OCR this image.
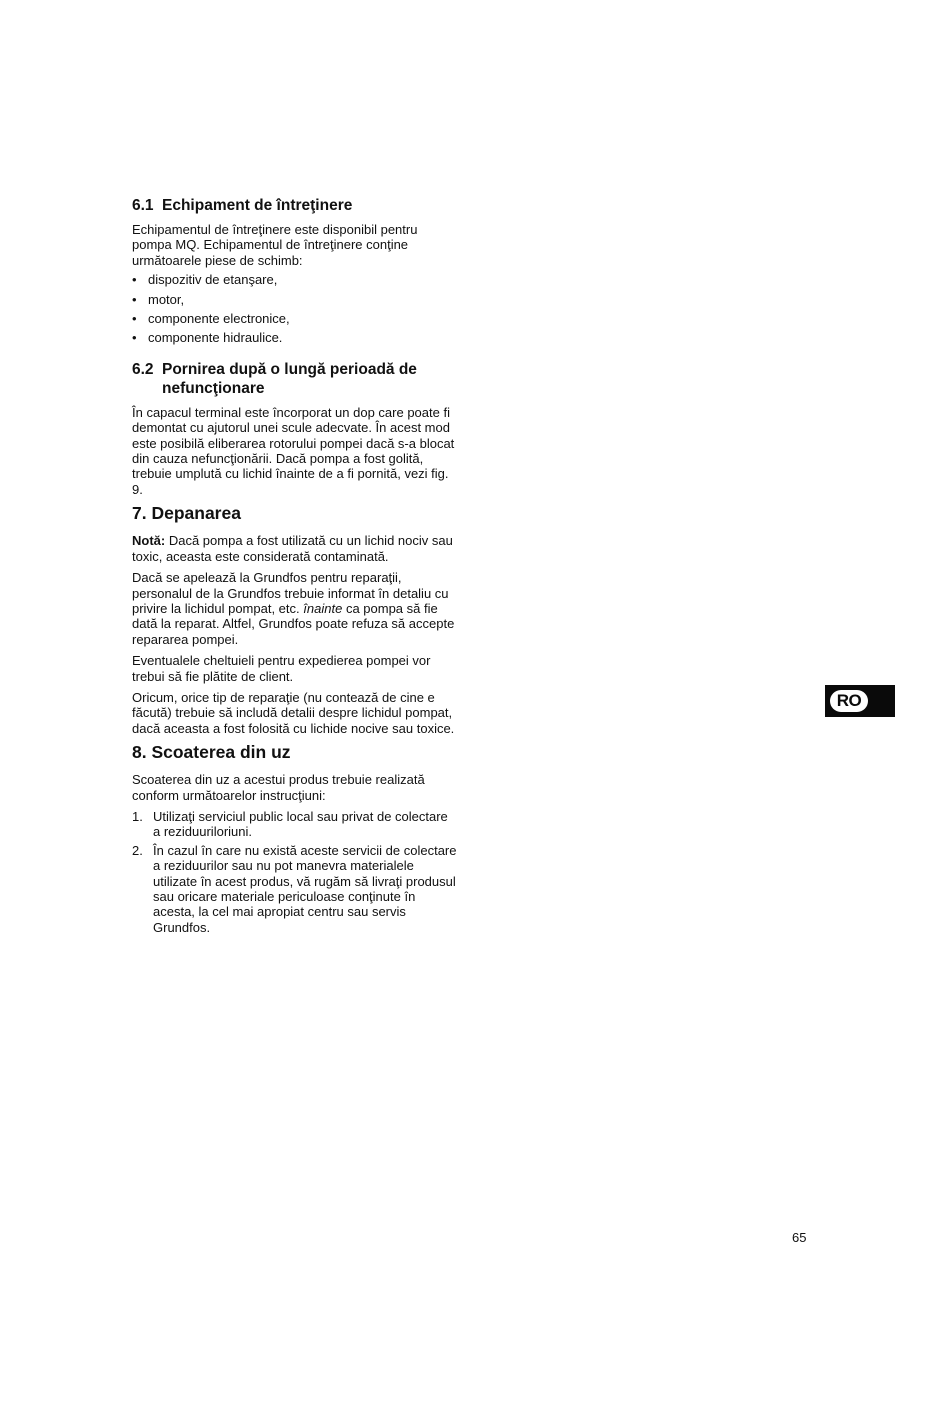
6.1 Echipament de întreţinere

Echipamentul de întreţinere este disponibil pentru pompa MQ. Echipamentul de întreţinere conţine următoarele piese de schimb:

• dispozitiv de etanşare,
• motor,
• componente electronice,
• componente hidraulice.
6.2 Pornirea după o lungă perioadă de
nefuncţionare

În capacul terminal este încorporat un dop care poate fi demontat cu ajutorul unei scule adecvate. În acest mod este posibilă eliberarea rotorului pompei dacă s-a blocat din cauza nefuncţionării. Dacă pompa a fost golită, trebuie umplută cu lichid înainte de a fi pornită, vezi fig. 9.

7. Depanarea

Notă: Dacă pompa a fost utilizată cu un lichid nociv sau toxic, aceasta este considerată contaminată.

Dacă se apelează la Grundfos pentru reparaţii, personalul de la Grundfos trebuie informat în detaliu cu privire la lichidul pompat, etc. înainte ca pompa să fie dată la reparat. Altfel, Grundfos poate refuza să accepte repararea pompei.

Eventualele cheltuieli pentru expedierea pompei vor trebui să fie plătite de client.

Oricum, orice tip de reparaţie (nu contează de cine e făcută) trebuie să includă detalii despre lichidul pompat, dacă aceasta a fost folosită cu lichide nocive sau toxice.

8. Scoaterea din uz

Scoaterea din uz a acestui produs trebuie realizată conform următoarelor instrucţiuni:

1. Utilizaţi serviciul public local sau privat de colectare a reziduuriloriuni.
2. În cazul în care nu există aceste servicii de colectare a reziduurilor sau nu pot manevra materialele utilizate în acest produs, vă rugăm să livraţi produsul sau oricare materiale periculoase conţinute în acesta, la cel mai apropiat centru sau servis Grundfos.
RO
65
